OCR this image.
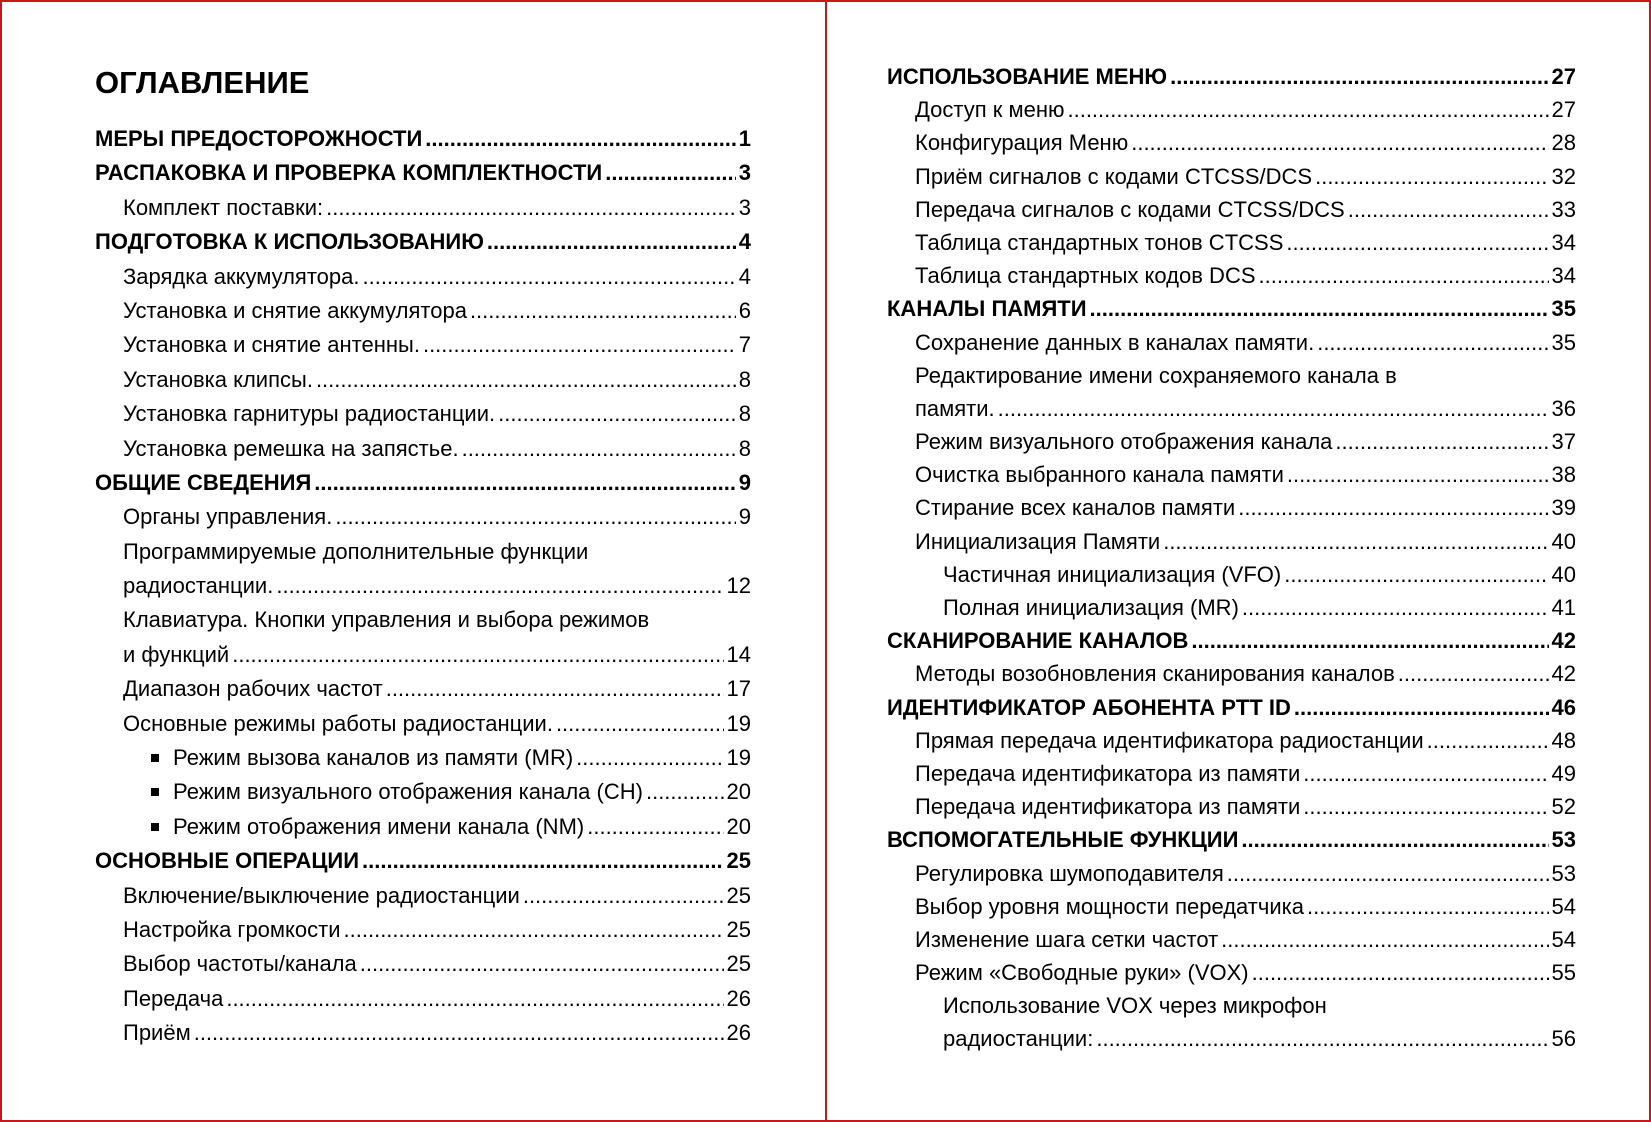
ОГЛАВЛЕНИЕ
МЕРЫ ПРЕДОСТОРОЖНОСТИ .....	1
РАСПАКОВКА И ПРОВЕРКА КОМПЛЕКТНОСТИ .....	3
Комплект поставки: .....	3
ПОДГОТОВКА К ИСПОЛЬЗОВАНИЮ .....	4
Зарядка аккумулятора. .....	4
Установка и снятие аккумулятора .....	6
Установка и снятие антенны. .....	7
Установка клипсы. .....	8
Установка гарнитуры радиостанции. .....	8
Установка ремешка на запястье. .....	8
ОБЩИЕ СВЕДЕНИЯ .....	9
Органы управления. .....	9
Программируемые дополнительные функции
радиостанции. .....	12
Клавиатура. Кнопки управления и выбора режимов
и функций .....	14
Диапазон рабочих частот .....	17
Основные режимы работы радиостанции. .....	19
Режим вызова каналов из памяти (MR) .....	19
Режим визуального отображения канала (CH) .....	20
Режим отображения имени канала (NM) .....	20
ОСНОВНЫЕ ОПЕРАЦИИ .....	25
Включение/выключение радиостанции .....	25
Настройка громкости .....	25
Выбор частоты/канала .....	25
Передача .....	26
Приём .....	26
ИСПОЛЬЗОВАНИЕ МЕНЮ .....	27
Доступ к меню .....	27
Конфигурация Меню .....	28
Приём сигналов с кодами CTCSS/DCS .....	32
Передача сигналов с кодами CTCSS/DCS .....	33
Таблица стандартных тонов CTCSS .....	34
Таблица стандартных кодов DCS .....	34
КАНАЛЫ ПАМЯТИ .....	35
Сохранение данных в каналах памяти. .....	35
Редактирование имени сохраняемого канала в
памяти. .....	36
Режим визуального отображения канала .....	37
Очистка выбранного канала памяти .....	38
Стирание всех каналов памяти .....	39
Инициализация Памяти .....	40
Частичная инициализация (VFO) .....	40
Полная инициализация (MR) .....	41
СКАНИРОВАНИЕ КАНАЛОВ .....	42
Методы возобновления сканирования каналов .....	42
ИДЕНТИФИКАТОР АБОНЕНТА PTT ID .....	46
Прямая передача идентификатора радиостанции .....	48
Передача идентификатора из памяти .....	49
Передача идентификатора из памяти .....	52
ВСПОМОГАТЕЛЬНЫЕ ФУНКЦИИ .....	53
Регулировка шумоподавителя .....	53
Выбор уровня мощности передатчика .....	54
Изменение шага сетки частот .....	54
Режим «Свободные руки» (VOX) .....	55
Использование VOX через микрофон
радиостанции: .....	56
